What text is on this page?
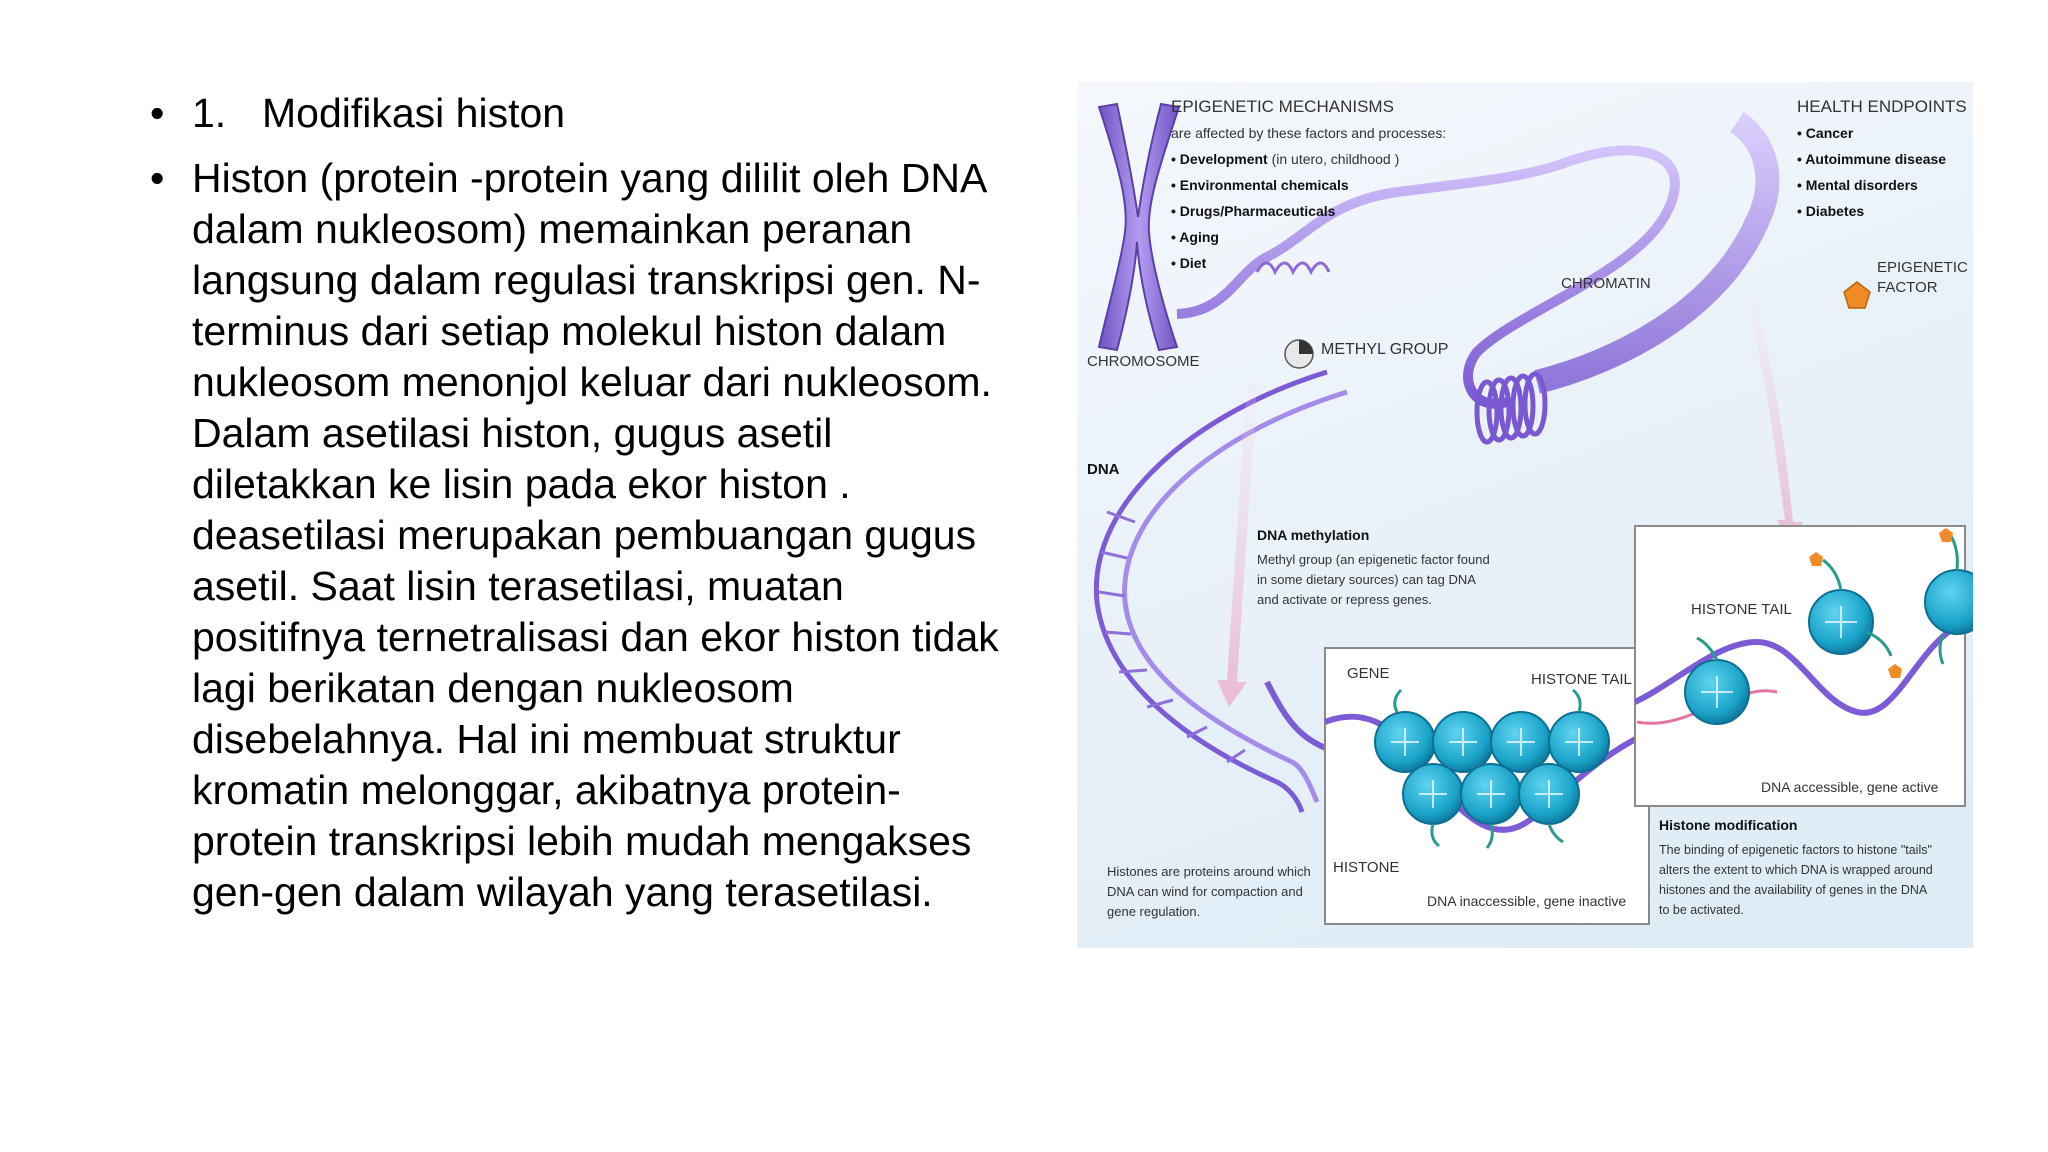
• 1. Modifikasi histon
• Histon (protein -protein yang dililit oleh DNA dalam nukleosom) memainkan peranan langsung dalam regulasi transkripsi gen. N-terminus dari setiap molekul histon dalam nukleosom menonjol keluar dari nukleosom. Dalam asetilasi histon, gugus asetil diletakkan ke lisin pada ekor histon . deasetilasi merupakan pembuangan gugus asetil. Saat lisin terasetilasi, muatan positifnya ternetralisasi dan ekor histon tidak lagi berikatan dengan nukleosom disebelahnya. Hal ini membuat struktur kromatin melonggar, akibatnya protein-protein transkripsi lebih mudah mengakses gen-gen dalam wilayah yang terasetilasi.
EPIGENETIC MECHANISMS
are affected by these factors and processes:
• Development (in utero, childhood )
• Environmental chemicals
• Drugs/Pharmaceuticals
• Aging
• Diet
HEALTH ENDPOINTS
• Cancer
• Autoimmune disease
• Mental disorders
• Diabetes
CHROMOSOME
CHROMATIN
METHYL GROUP
EPIGENETIC
FACTOR
DNA
GENE	HISTONE TAIL
HISTONE TAIL
HISTONE
DNA inaccessible, gene inactive
DNA accessible, gene active
DNA methylation
Methyl group (an epigenetic factor found
in some dietary sources) can tag DNA
and activate or repress genes.
Histones are proteins around which
DNA can wind for compaction and
gene regulation.
Histone modification
The binding of epigenetic factors to histone "tails"
alters the extent to which DNA is wrapped around
histones and the availability of genes in the DNA
to be activated.
